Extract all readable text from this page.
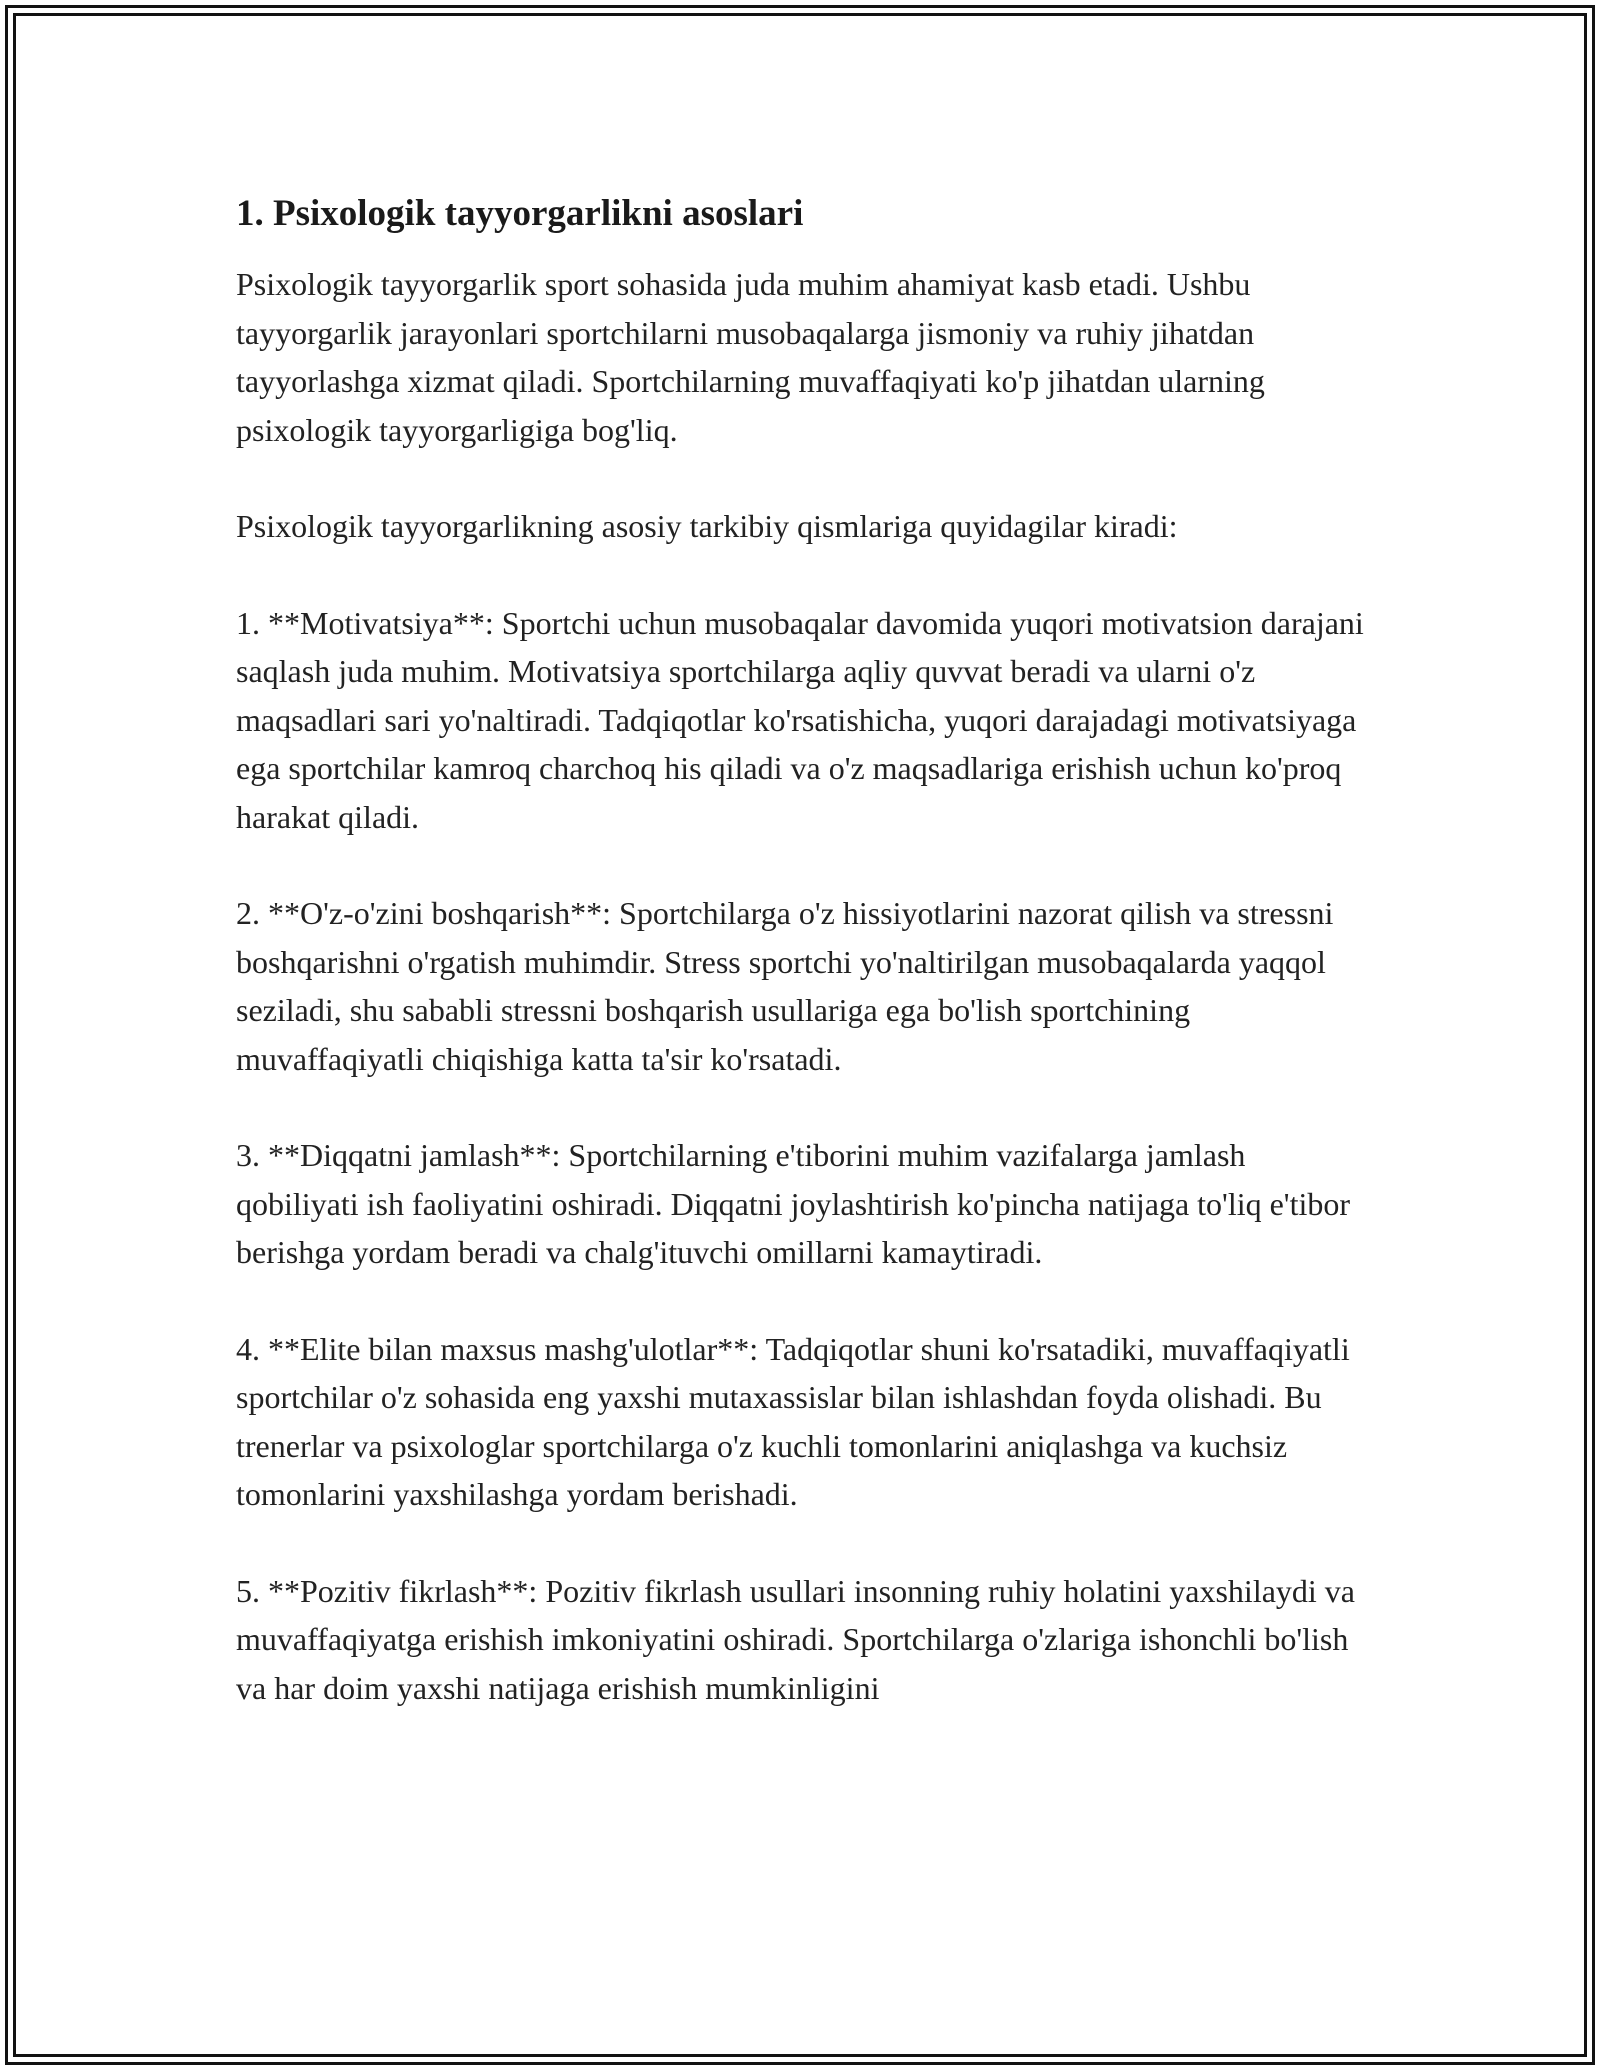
1. Psixologik tayyorgarlikni asoslari

Psixologik tayyorgarlik sport sohasida juda muhim ahamiyat kasb etadi. Ushbu tayyorgarlik jarayonlari sportchilarni musobaqalarga jismoniy va ruhiy jihatdan tayyorlashga xizmat qiladi. Sportchilarning muvaffaqiyati ko'p jihatdan ularning psixologik tayyorgarligiga bog'liq.

Psixologik tayyorgarlikning asosiy tarkibiy qismlariga quyidagilar kiradi:

1. **Motivatsiya**: Sportchi uchun musobaqalar davomida yuqori motivatsion darajani saqlash juda muhim. Motivatsiya sportchilarga aqliy quvvat beradi va ularni o'z maqsadlari sari yo'naltiradi. Tadqiqotlar ko'rsatishicha, yuqori darajadagi motivatsiyaga ega sportchilar kamroq charchoq his qiladi va o'z maqsadlariga erishish uchun ko'proq harakat qiladi.

2. **O'z-o'zini boshqarish**: Sportchilarga o'z hissiyotlarini nazorat qilish va stressni boshqarishni o'rgatish muhimdir. Stress sportchi yo'naltirilgan musobaqalarda yaqqol seziladi, shu sababli stressni boshqarish usullariga ega bo'lish sportchining muvaffaqiyatli chiqishiga katta ta'sir ko'rsatadi.

3. **Diqqatni jamlash**: Sportchilarning e'tiborini muhim vazifalarga jamlash qobiliyati ish faoliyatini oshiradi. Diqqatni joylashtirish ko'pincha natijaga to'liq e'tibor berishga yordam beradi va chalg'ituvchi omillarni kamaytiradi.

4. **Elite bilan maxsus mashg'ulotlar**: Tadqiqotlar shuni ko'rsatadiki, muvaffaqiyatli sportchilar o'z sohasida eng yaxshi mutaxassislar bilan ishlashdan foyda olishadi. Bu trenerlar va psixologlar sportchilarga o'z kuchli tomonlarini aniqlashga va kuchsiz tomonlarini yaxshilashga yordam berishadi.

5. **Pozitiv fikrlash**: Pozitiv fikrlash usullari insonning ruhiy holatini yaxshilaydi va muvaffaqiyatga erishish imkoniyatini oshiradi. Sportchilarga o'zlariga ishonchli bo'lish va har doim yaxshi natijaga erishish mumkinligini
